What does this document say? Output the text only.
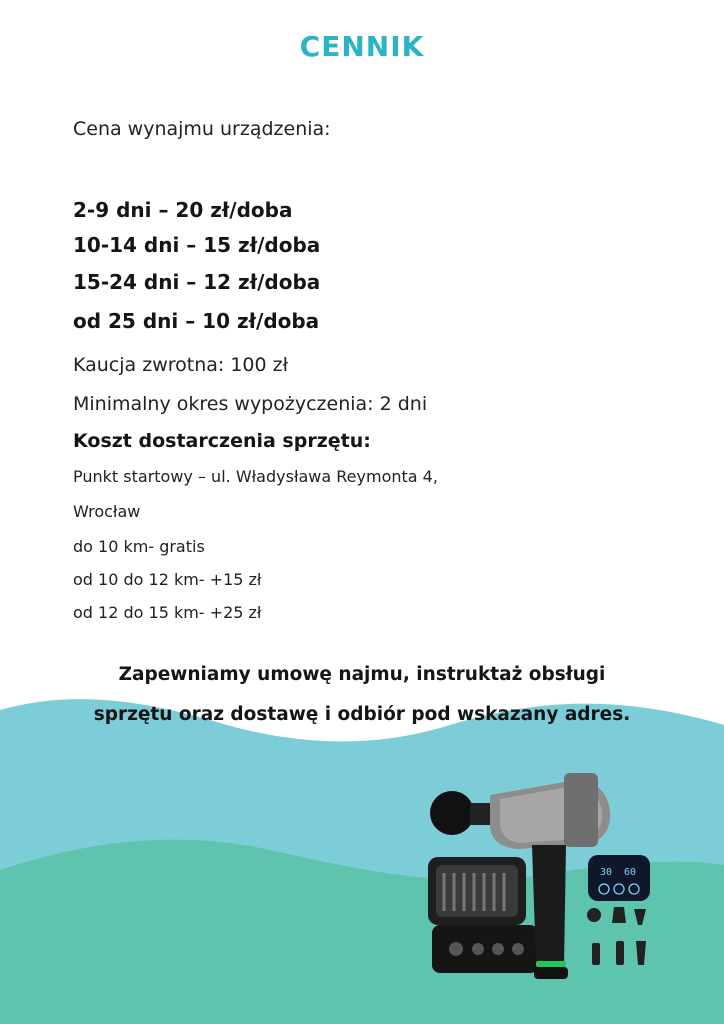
CENNIK
Cena wynajmu urządzenia:
2-9 dni – 20 zł/doba
10-14 dni – 15 zł/doba
15-24 dni – 12 zł/doba
od 25 dni – 10 zł/doba
Kaucja zwrotna: 100 zł
Minimalny okres wypożyczenia: 2 dni
Koszt dostarczenia sprzętu:
Punkt startowy – ul. Władysława Reymonta 4,
Wrocław
do 10 km- gratis
od 10 do 12 km- +15 zł
od 12 do 15 km- +25 zł
Zapewniamy umowę najmu, instruktaż obsługi
sprzętu oraz dostawę i odbiór pod wskazany adres.
30 60
